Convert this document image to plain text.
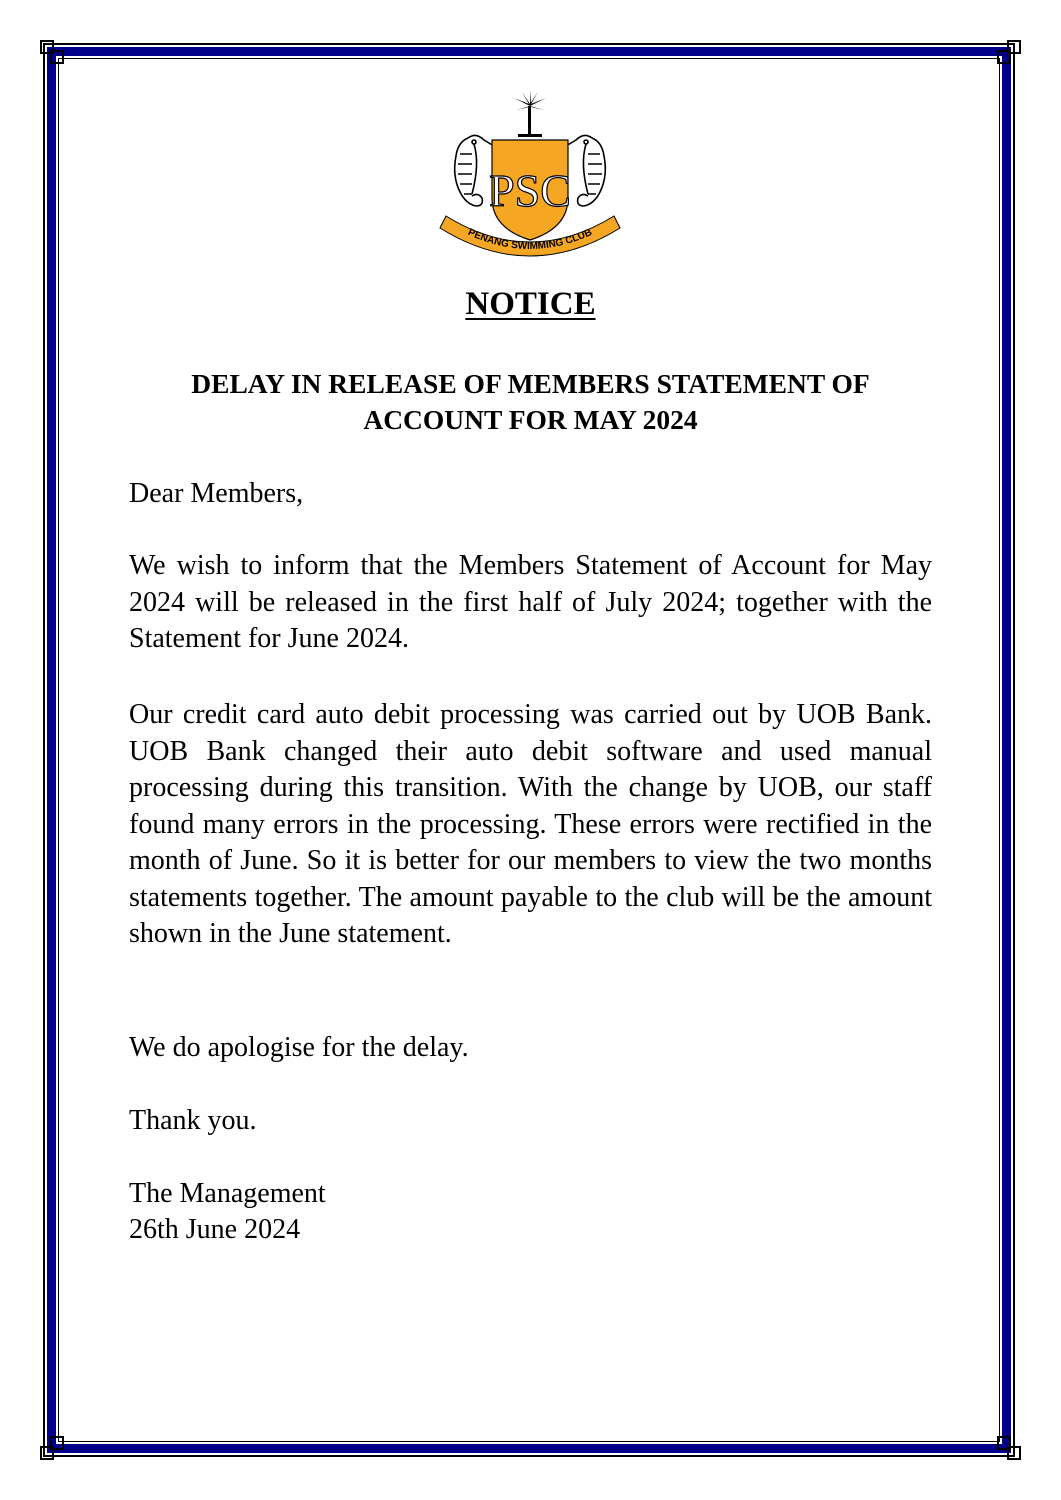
PSC
PENANG SWIMMING CLUB
NOTICE
DELAY IN RELEASE OF MEMBERS STATEMENT OF
ACCOUNT FOR MAY 2024
Dear Members,
We wish to inform that the Members Statement of Account for May 2024 will be released in the first half of July 2024; together with the Statement for June 2024.
Our credit card auto debit processing was carried out by UOB Bank. UOB Bank changed their auto debit software and used manual processing during this transition. With the change by UOB, our staff found many errors in the processing. These errors were rectified in the month of June. So it is better for our members to view the two months statements together. The amount payable to the club will be the amount shown in the June statement.
We do apologise for the delay.
Thank you.
The Management
26th June 2024
